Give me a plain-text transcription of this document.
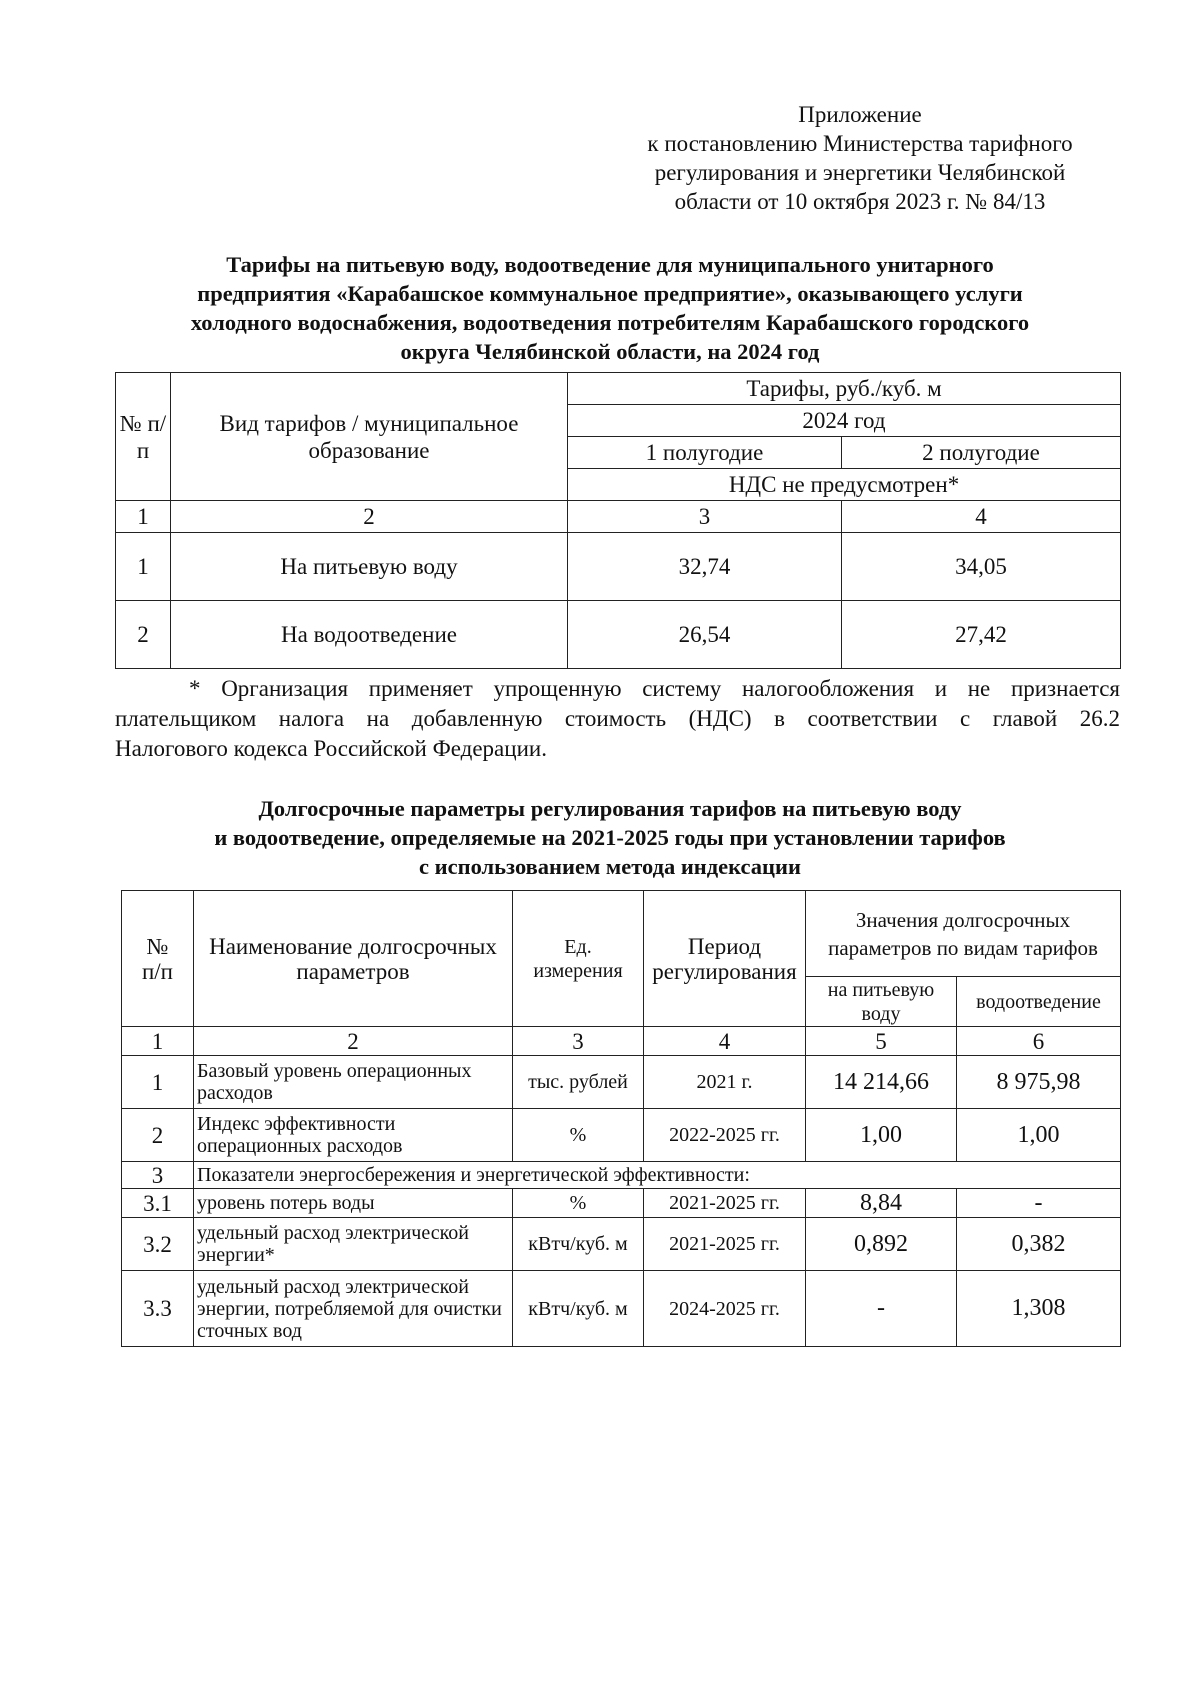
Приложение
к постановлению Министерства тарифного
регулирования и энергетики Челябинской
области от 10 октября 2023 г. № 84/13
Тарифы на питьевую воду, водоотведение для муниципального унитарного
предприятия «Карабашское коммунальное предприятие», оказывающего услуги
холодного водоснабжения, водоотведения потребителям Карабашского городского
округа Челябинской области, на 2024 год
№ п/п	Вид тарифов / муниципальное образование	Тарифы, руб./куб. м	
		2024 год	
		1 полугодие	2 полугодие
		НДС не предусмотрен*	
1	2	3	4
1	На питьевую воду	32,74	34,05
2	На водоотведение	26,54	27,42
* Организация применяет упрощенную систему налогообложения и не признается
плательщиком налога на добавленную стоимость (НДС) в соответствии с главой 26.2
Налогового кодекса Российской Федерации.
Долгосрочные параметры регулирования тарифов на питьевую воду
и водоотведение, определяемые на 2021-2025 годы при установлении тарифов
с использованием метода индексации
№ п/п	Наименование долгосрочных параметров	Ед. измерения	Период регулирования	Значения долгосрочных параметров по видам тарифов	
				на питьевую воду	водоотведение
1	2	3	4	5	6
1	Базовый уровень операционных расходов	тыс. рублей	2021 г.	14 214,66	8 975,98
2	Индекс эффективности операционных расходов	%	2022-2025 гг.	1,00	1,00
3	Показатели энергосбережения и энергетической эффективности:				
3.1	уровень потерь воды	%	2021-2025 гг.	8,84	-
3.2	удельный расход электрической энергии*	кВтч/куб. м	2021-2025 гг.	0,892	0,382
3.3	удельный расход электрической энергии, потребляемой для очистки сточных вод	кВтч/куб. м	2024-2025 гг.	-	1,308
